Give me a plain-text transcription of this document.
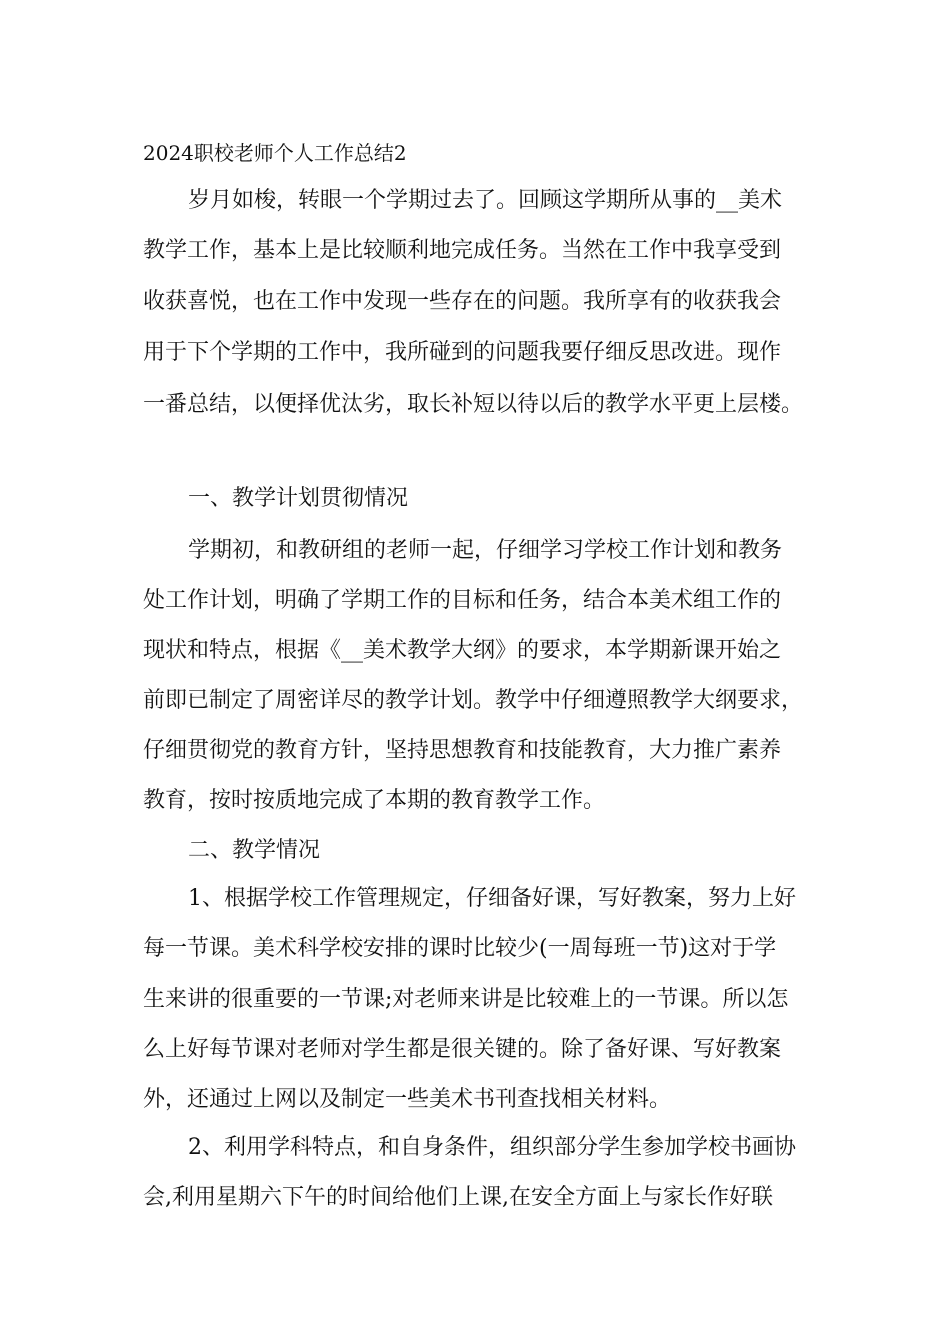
2024职校老师个人工作总结2
岁月如梭，转眼一个学期过去了。回顾这学期所从事的__美术
教学工作，基本上是比较顺利地完成任务。当然在工作中我享受到
收获喜悦，也在工作中发现一些存在的问题。我所享有的收获我会
用于下个学期的工作中，我所碰到的问题我要仔细反思改进。现作
一番总结，以便择优汰劣，取长补短以待以后的教学水平更上层楼。
一、教学计划贯彻情况
学期初，和教研组的老师一起，仔细学习学校工作计划和教务
处工作计划，明确了学期工作的目标和任务，结合本美术组工作的
现状和特点，根据《__美术教学大纲》的要求，本学期新课开始之
前即已制定了周密详尽的教学计划。教学中仔细遵照教学大纲要求，
仔细贯彻党的教育方针，坚持思想教育和技能教育，大力推广素养
教育，按时按质地完成了本期的教育教学工作。
二、教学情况
1、根据学校工作管理规定，仔细备好课，写好教案，努力上好
每一节课。美术科学校安排的课时比较少(一周每班一节)这对于学
生来讲的很重要的一节课;对老师来讲是比较难上的一节课。所以怎
么上好每节课对老师对学生都是很关键的。除了备好课、写好教案
外，还通过上网以及制定一些美术书刊查找相关材料。
2、利用学科特点，和自身条件，组织部分学生参加学校书画协
会,利用星期六下午的时间给他们上课,在安全方面上与家长作好联
